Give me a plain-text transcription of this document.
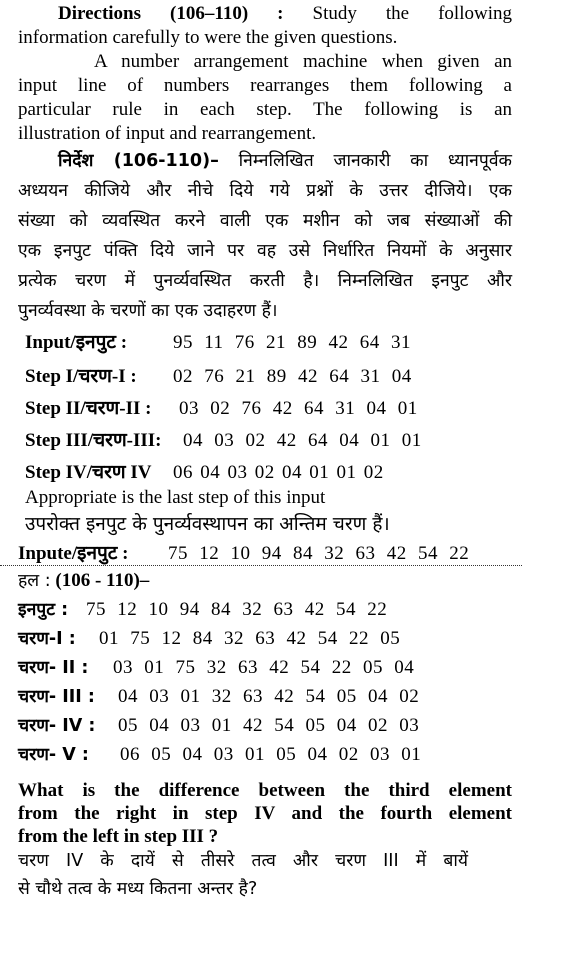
Directions (106–110) : Study the following
information carefully to were the given questions.
A number arrangement machine when given an
input line of numbers rearranges them following a
particular rule in each step. The following is an
illustration of input and rearrangement.
निर्देश (106-110)– निम्नलिखित जानकारी का ध्यानपूर्वक
अध्ययन कीजिये और नीचे दिये गये प्रश्नों के उत्तर दीजिये। एक
संख्या को व्यवस्थित करने वाली एक मशीन को जब संख्याओं की
एक इनपुट पंक्ति दिये जाने पर वह उसे निर्धारित नियमों के अनुसार
प्रत्येक चरण में पुनर्व्यवस्थित करती है। निम्नलिखित इनपुट और
पुनर्व्यवस्था के चरणों का एक उदाहरण हैं।
Input/इनपुट : 95 11 76 21 89 42 64 31
Step I/चरण-I : 02 76 21 89 42 64 31 04
Step II/चरण-II : 03 02 76 42 64 31 04 01
Step III/चरण-III: 04 03 02 42 64 04 01 01
Step IV/चरण IV 06 04 03 02 04 01 01 02
Appropriate is the last step of this input
उपरोक्त इनपुट के पुनर्व्यवस्थापन का अन्तिम चरण हैं।
Inpute/इनपुट : 75 12 10 94 84 32 63 42 54 22
हल : (106 - 110)–
इनपुट : 75 12 10 94 84 32 63 42 54 22
चरण-I : 01 75 12 84 32 63 42 54 22 05
चरण- II : 03 01 75 32 63 42 54 22 05 04
चरण- III : 04 03 01 32 63 42 54 05 04 02
चरण- IV : 05 04 03 01 42 54 05 04 02 03
चरण- V : 06 05 04 03 01 05 04 02 03 01
What is the difference between the third element
from the right in step IV and the fourth element
from the left in step III ?
चरण IV के दायें से तीसरे तत्व और चरण III में बायें
से चौथे तत्व के मध्य कितना अन्तर है?
